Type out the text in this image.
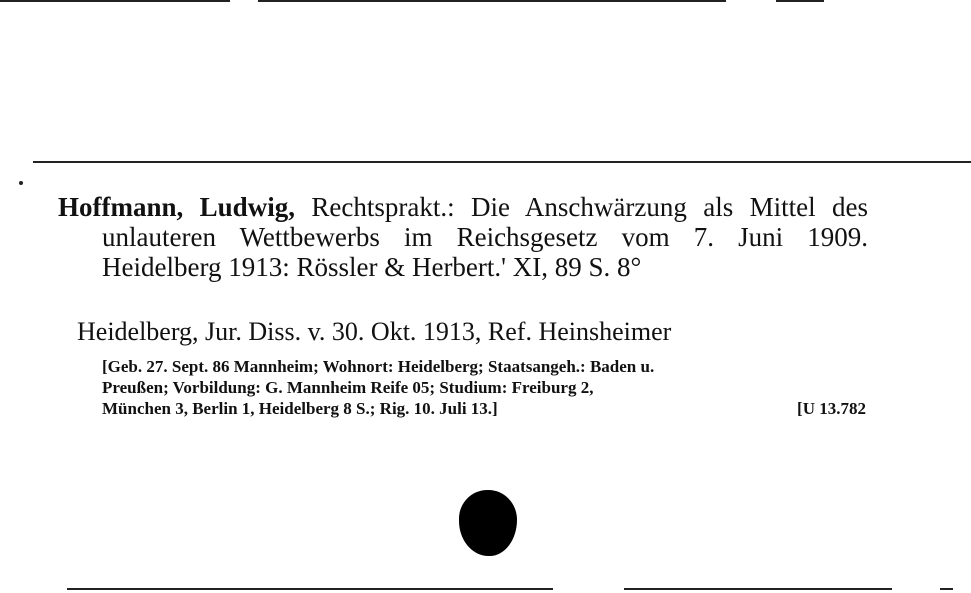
Hoffmann, Ludwig, Rechtsprakt.: Die Anschwärzung als Mittel des unlauteren Wettbewerbs im Reichsgesetz vom 7. Juni 1909. Heidelberg 1913: Rössler & Herbert.' XI, 89 S. 8°
Heidelberg, Jur. Diss. v. 30. Okt. 1913, Ref. Heinsheimer
[Geb. 27. Sept. 86 Mannheim; Wohnort: Heidelberg; Staatsangeh.: Baden u.
Preußen; Vorbildung: G. Mannheim Reife 05; Studium: Freiburg 2,
München 3, Berlin 1, Heidelberg 8 S.; Rig. 10. Juli 13.]	[U 13.782
